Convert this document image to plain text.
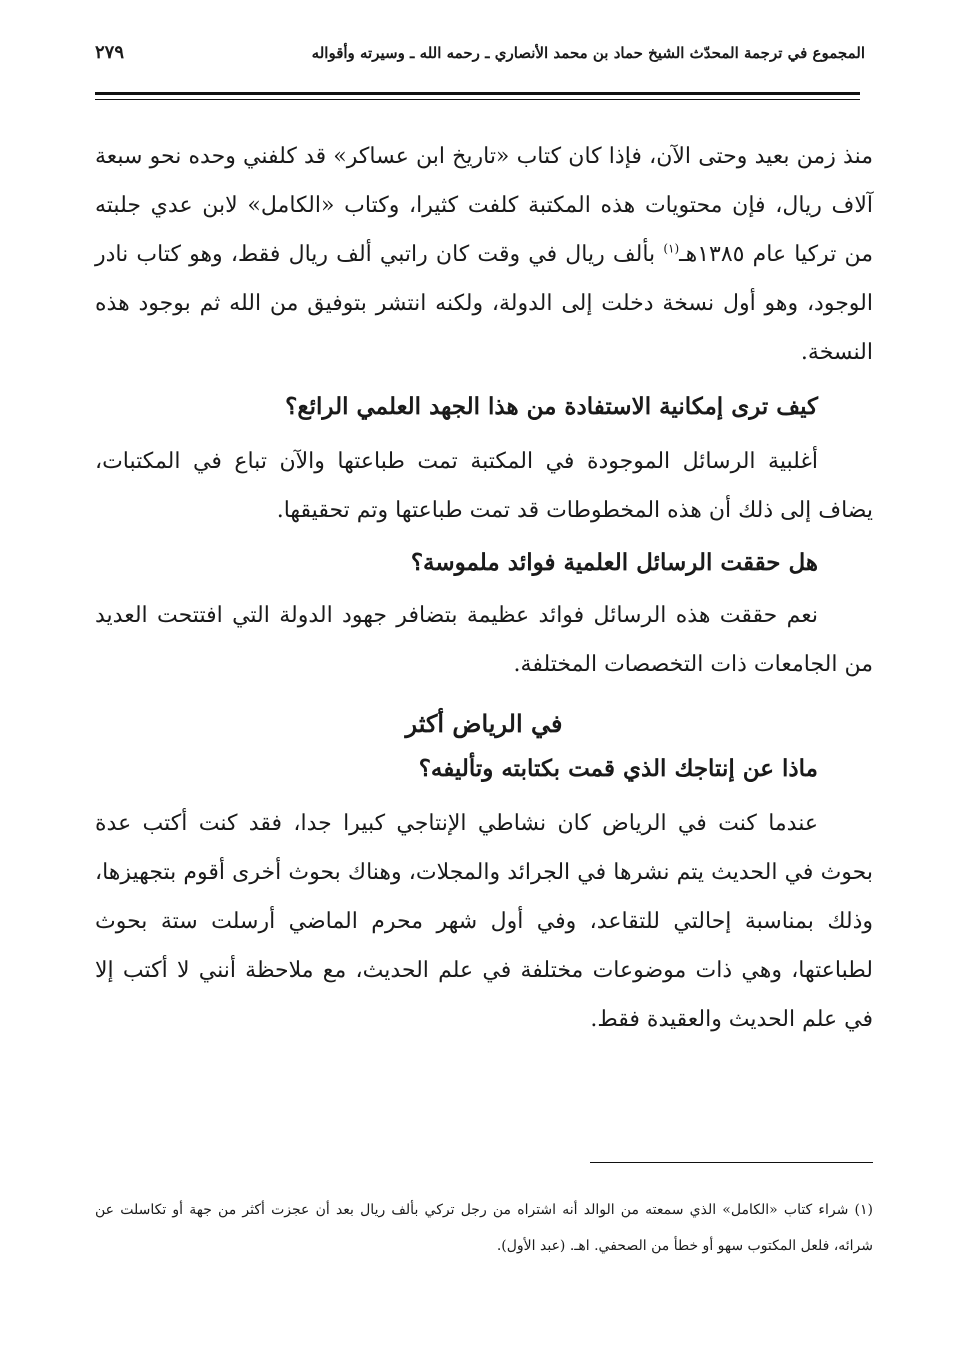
المجموع في ترجمة المحدّث الشيخ حماد بن محمد الأنصاري ـ رحمه الله ـ وسيرته وأقواله
٢٧٩

منذ زمن بعيد وحتى الآن، فإذا كان كتاب «تاريخ ابن عساكر» قد كلفني وحده نحو سبعة آلاف ريال، فإن محتويات هذه المكتبة كلفت كثيرا، وكتاب «الكامل» لابن عدي جلبته من تركيا عام ١٣٨٥هـ$^{(١)}$ بألف ريال في وقت كان راتبي ألف ريال فقط، وهو كتاب نادر الوجود، وهو أول نسخة دخلت إلى الدولة، ولكنه انتشر بتوفيق من الله ثم بوجود هذه النسخة.

كيف ترى إمكانية الاستفادة من هذا الجهد العلمي الرائع؟

أغلبية الرسائل الموجودة في المكتبة تمت طباعتها والآن تباع في المكتبات، يضاف إلى ذلك أن هذه المخطوطات قد تمت طباعتها وتم تحقيقها.

هل حققت الرسائل العلمية فوائد ملموسة؟

نعم حققت هذه الرسائل فوائد عظيمة بتضافر جهود الدولة التي افتتحت العديد من الجامعات ذات التخصصات المختلفة.

في الرياض أكثر
ماذا عن إنتاجك الذي قمت بكتابته وتأليفه؟

عندما كنت في الرياض كان نشاطي الإنتاجي كبيرا جدا، فقد كنت أكتب عدة بحوث في الحديث يتم نشرها في الجرائد والمجلات، وهناك بحوث أخرى أقوم بتجهيزها، وذلك بمناسبة إحالتي للتقاعد، وفي أول شهر محرم الماضي أرسلت ستة بحوث لطباعتها، وهي ذات موضوعات مختلفة في علم الحديث، مع ملاحظة أنني لا أكتب إلا في علم الحديث والعقيدة فقط.

(١) شراء كتاب «الكامل» الذي سمعته من الوالد أنه اشتراه من رجل تركي بألف ريال بعد أن عجزت أكثر من جهة أو تكاسلت عن شرائه، فلعل المكتوب سهو أو خطأ من الصحفي. اهـ. (عبد الأول).
